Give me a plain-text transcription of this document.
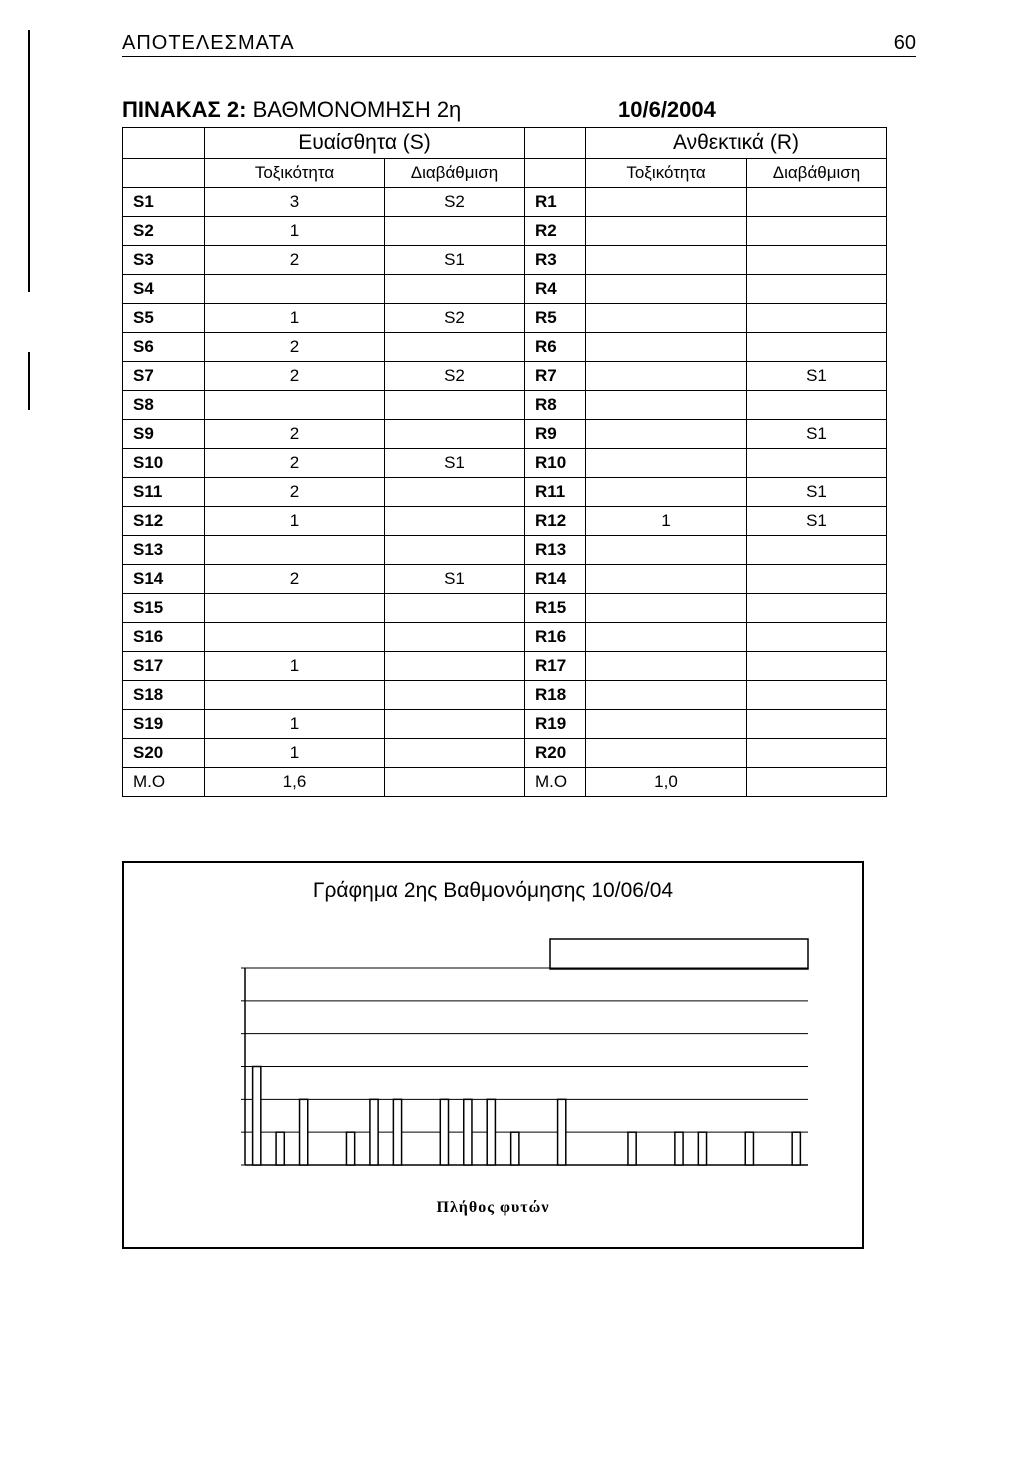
ΑΠΟΤΕΛΕΣΜΑΤΑ	60
ΠΙΝΑΚΑΣ 2: ΒΑΘΜΟΝΟΜΗΣΗ 2η	10/6/2004
	Ευαίσθητα (S)			Ανθεκτικά (R)	
	Τοξικότητα	Διαβάθμιση		Τοξικότητα	Διαβάθμιση
S1	3	S2	R1		
S2	1		R2		
S3	2	S1	R3		
S4			R4		
S5	1	S2	R5		
S6	2		R6		
S7	2	S2	R7		S1
S8			R8		
S9	2		R9		S1
S10	2	S1	R10		
S11	2		R11		S1
S12	1		R12	1	S1
S13			R13		
S14	2	S1	R14		
S15			R15		
S16			R16		
S17	1		R17		
S18			R18		
S19	1		R19		
S20	1		R20		
Μ.Ο	1,6		Μ.Ο	1,0	
Γράφημα 2ης Βαθμονόμησης 10/06/04
Πλήθος φυτών
